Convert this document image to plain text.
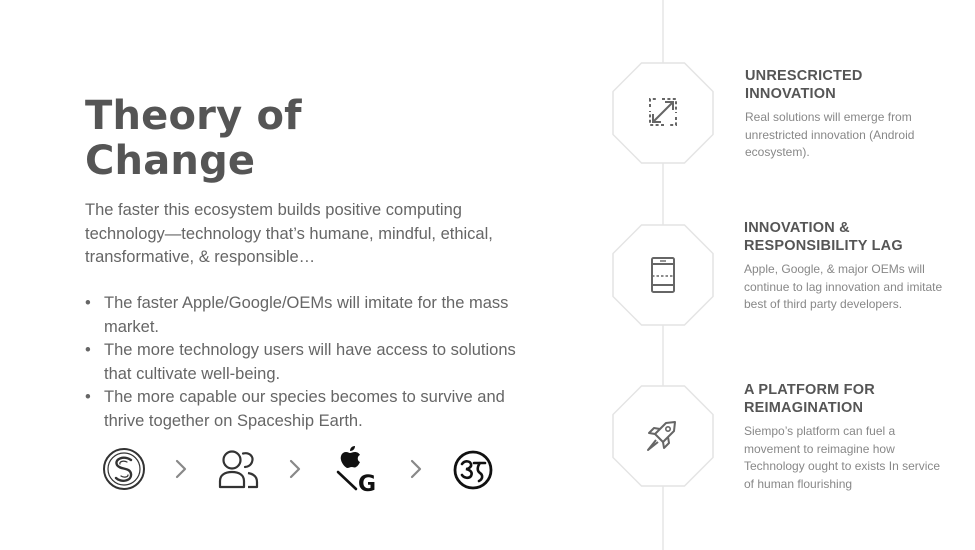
Theory of Change

The faster this ecosystem builds positive computing technology—technology that’s humane, mindful, ethical, transformative, & responsible…

• The faster Apple/Google/OEMs will imitate for the mass market.
• The more technology users will have access to solutions that cultivate well-being.
• The more capable our species becomes to survive and thrive together on Spaceship Earth.
G
UNRESCRICTED INNOVATION

Real solutions will emerge from unrestricted innovation (Android ecosystem).

INNOVATION & RESPONSIBILITY LAG

Apple, Google, & major OEMs will continue to lag innovation and imitate best of third party developers.

A PLATFORM FOR REIMAGINATION

Siempo’s platform can fuel a movement to reimagine how Technology ought to exists In service of human flourishing
